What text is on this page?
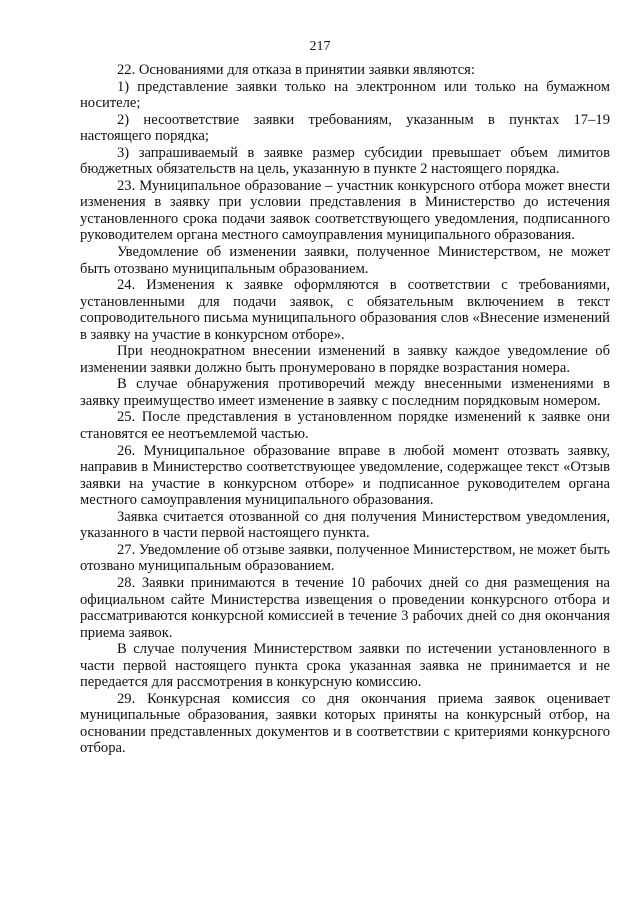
217

22. Основаниями для отказа в принятии заявки являются:

1) представление заявки только на электронном или только на бумажном носителе;

2) несоответствие заявки требованиям, указанным в пунктах 17–19 настоящего порядка;

3) запрашиваемый в заявке размер субсидии превышает объем лимитов бюджетных обязательств на цель, указанную в пункте 2 настоящего порядка.

23. Муниципальное образование – участник конкурсного отбора может внести изменения в заявку при условии представления в Министерство до истечения установленного срока подачи заявок соответствующего уведомления, подписанного руководителем органа местного самоуправления муниципального образования.

Уведомление об изменении заявки, полученное Министерством, не может быть отозвано муниципальным образованием.

24. Изменения к заявке оформляются в соответствии с требованиями, установленными для подачи заявок, с обязательным включением в текст сопроводительного письма муниципального образования слов «Внесение изменений в заявку на участие в конкурсном отборе».

При неоднократном внесении изменений в заявку каждое уведомление об изменении заявки должно быть пронумеровано в порядке возрастания номера.

В случае обнаружения противоречий между внесенными изменениями в заявку преимущество имеет изменение в заявку с последним порядковым номером.

25. После представления в установленном порядке изменений к заявке они становятся ее неотъемлемой частью.

26. Муниципальное образование вправе в любой момент отозвать заявку, направив в Министерство соответствующее уведомление, содержащее текст «Отзыв заявки на участие в конкурсном отборе» и подписанное руководителем органа местного самоуправления муниципального образования.

Заявка считается отозванной со дня получения Министерством уведомления, указанного в части первой настоящего пункта.

27. Уведомление об отзыве заявки, полученное Министерством, не может быть отозвано муниципальным образованием.

28. Заявки принимаются в течение 10 рабочих дней со дня размещения на официальном сайте Министерства извещения о проведении конкурсного отбора и рассматриваются конкурсной комиссией в течение 3 рабочих дней со дня окончания приема заявок.

В случае получения Министерством заявки по истечении установленного в части первой настоящего пункта срока указанная заявка не принимается и не передается для рассмотрения в конкурсную комиссию.

29. Конкурсная комиссия со дня окончания приема заявок оценивает муниципальные образования, заявки которых приняты на конкурсный отбор, на основании представленных документов и в соответствии с критериями конкурсного отбора.
